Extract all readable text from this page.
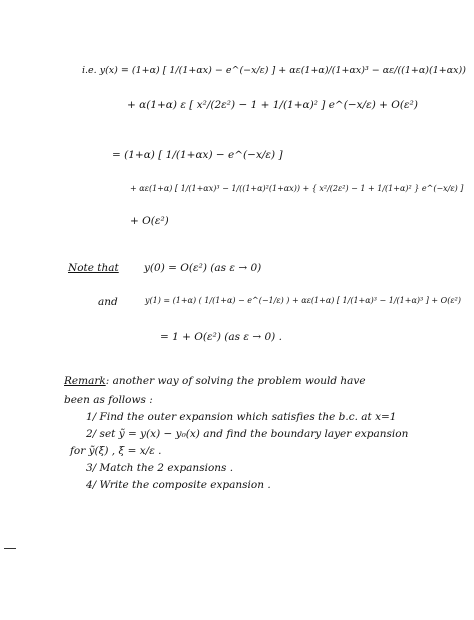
i.e. y(x) = (1+α) [ 1/(1+αx) − e^(−x/ε) ] + αε(1+α)/(1+αx)³ − αε/((1+α)(1+αx))
+ α(1+α) ε [ x²/(2ε²) − 1 + 1/(1+α)² ] e^(−x/ε) + O(ε²)
= (1+α) [ 1/(1+αx) − e^(−x/ε) ]
+ αε(1+α) [ 1/(1+αx)³ − 1/((1+α)²(1+αx)) + { x²/(2ε²) − 1 + 1/(1+α)² } e^(−x/ε) ]
+ O(ε²)
Note that y(0) = O(ε²) (as ε → 0)
and	y(1) = (1+α) ( 1/(1+α) − e^(−1/ε) ) + αε(1+α) [ 1/(1+α)³ − 1/(1+α)³ ] + O(ε²)
= 1 + O(ε²) (as ε → 0) .
Remark: another way of solving the problem would have
been as follows :
1/ Find the outer expansion which satisfies the b.c. at x=1
2/ set ỹ = y(x) − y₀(x) and find the boundary layer expansion
for ỹ(ξ) , ξ = x/ε .
3/ Match the 2 expansions .
4/ Write the composite expansion .
